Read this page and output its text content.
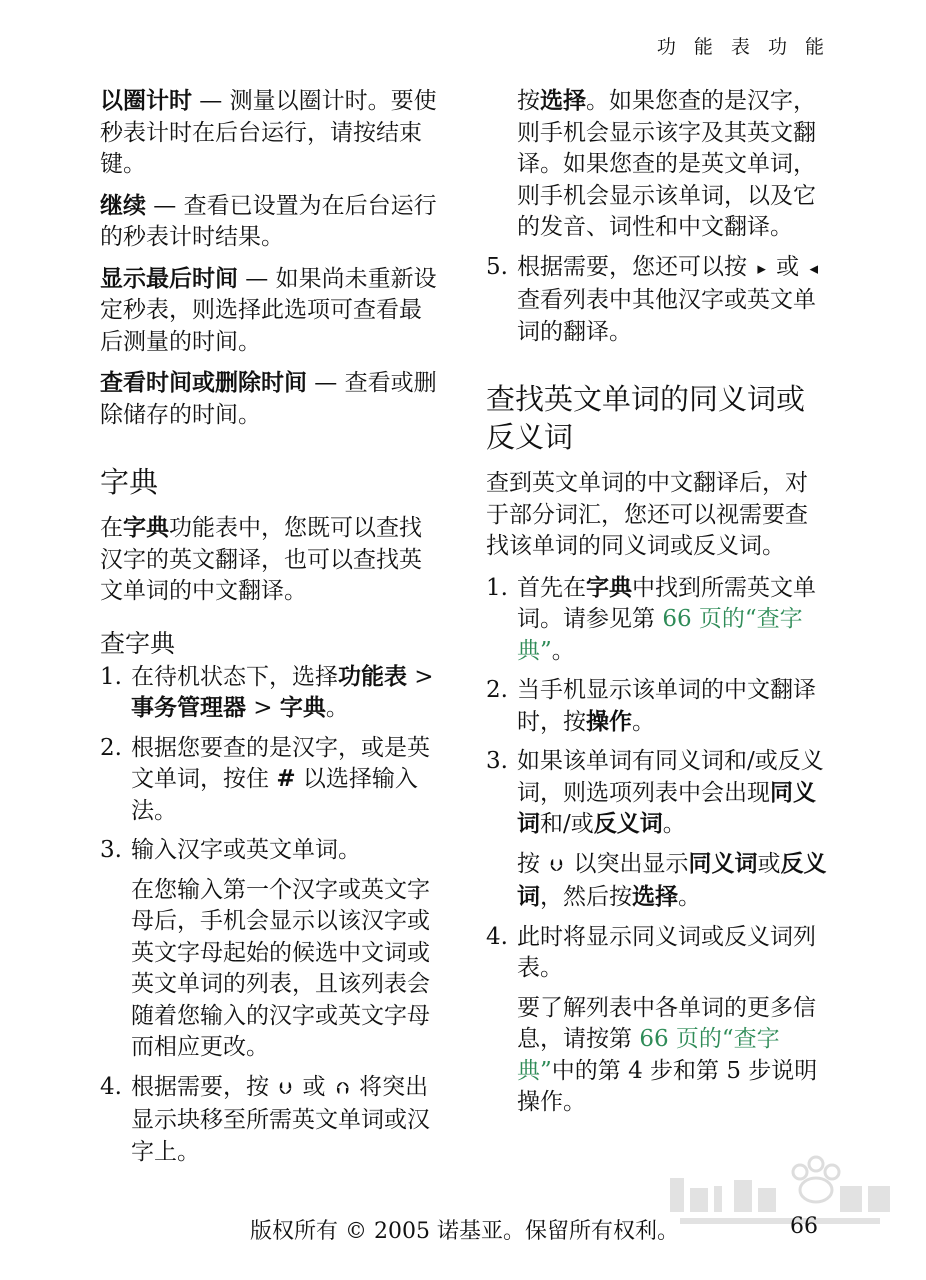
功 能 表 功 能

以圈计时 — 测量以圈计时。要使秒表计时在后台运行，请按结束键。

继续 — 查看已设置为在后台运行的秒表计时结果。

显示最后时间 — 如果尚未重新设定秒表，则选择此选项可查看最后测量的时间。

查看时间或删除时间 — 查看或删除储存的时间。

字典

在字典功能表中，您既可以查找汉字的英文翻译，也可以查找英文单词的中文翻译。

查字典
1. 在待机状态下，选择功能表 > 事务管理器 > 字典。
2. 根据您要查的是汉字，或是英文单词，按住 # 以选择输入法。
3. 输入汉字或英文单词。

在您输入第一个汉字或英文字母后，手机会显示以该汉字或英文字母起始的候选中文词或英文单词的列表，且该列表会随着您输入的汉字或英文字母而相应更改。

4. 根据需要，按 ⮋ 或 ⮉ 将突出显示块移至所需英文单词或汉字上。

按选择。如果您查的是汉字，则手机会显示该字及其英文翻译。如果您查的是英文单词，则手机会显示该单词，以及它的发音、词性和中文翻译。

5. 根据需要，您还可以按 ▸ 或 ◂ 查看列表中其他汉字或英文单词的翻译。
查找英文单词的同义词或反义词

查到英文单词的中文翻译后，对于部分词汇，您还可以视需要查找该单词的同义词或反义词。

1. 首先在字典中找到所需英文单词。请参见第 66 页的“查字典”。
2. 当手机显示该单词的中文翻译时，按操作。
3. 如果该单词有同义词和/或反义词，则选项列表中会出现同义词和/或反义词。

按 ⮋ 以突出显示同义词或反义词，然后按选择。

4. 此时将显示同义词或反义词列表。

要了解列表中各单词的更多信息，请按第 66 页的“查字典”中的第 4 步和第 5 步说明操作。

版权所有 © 2005 诺基亚。保留所有权利。	66
